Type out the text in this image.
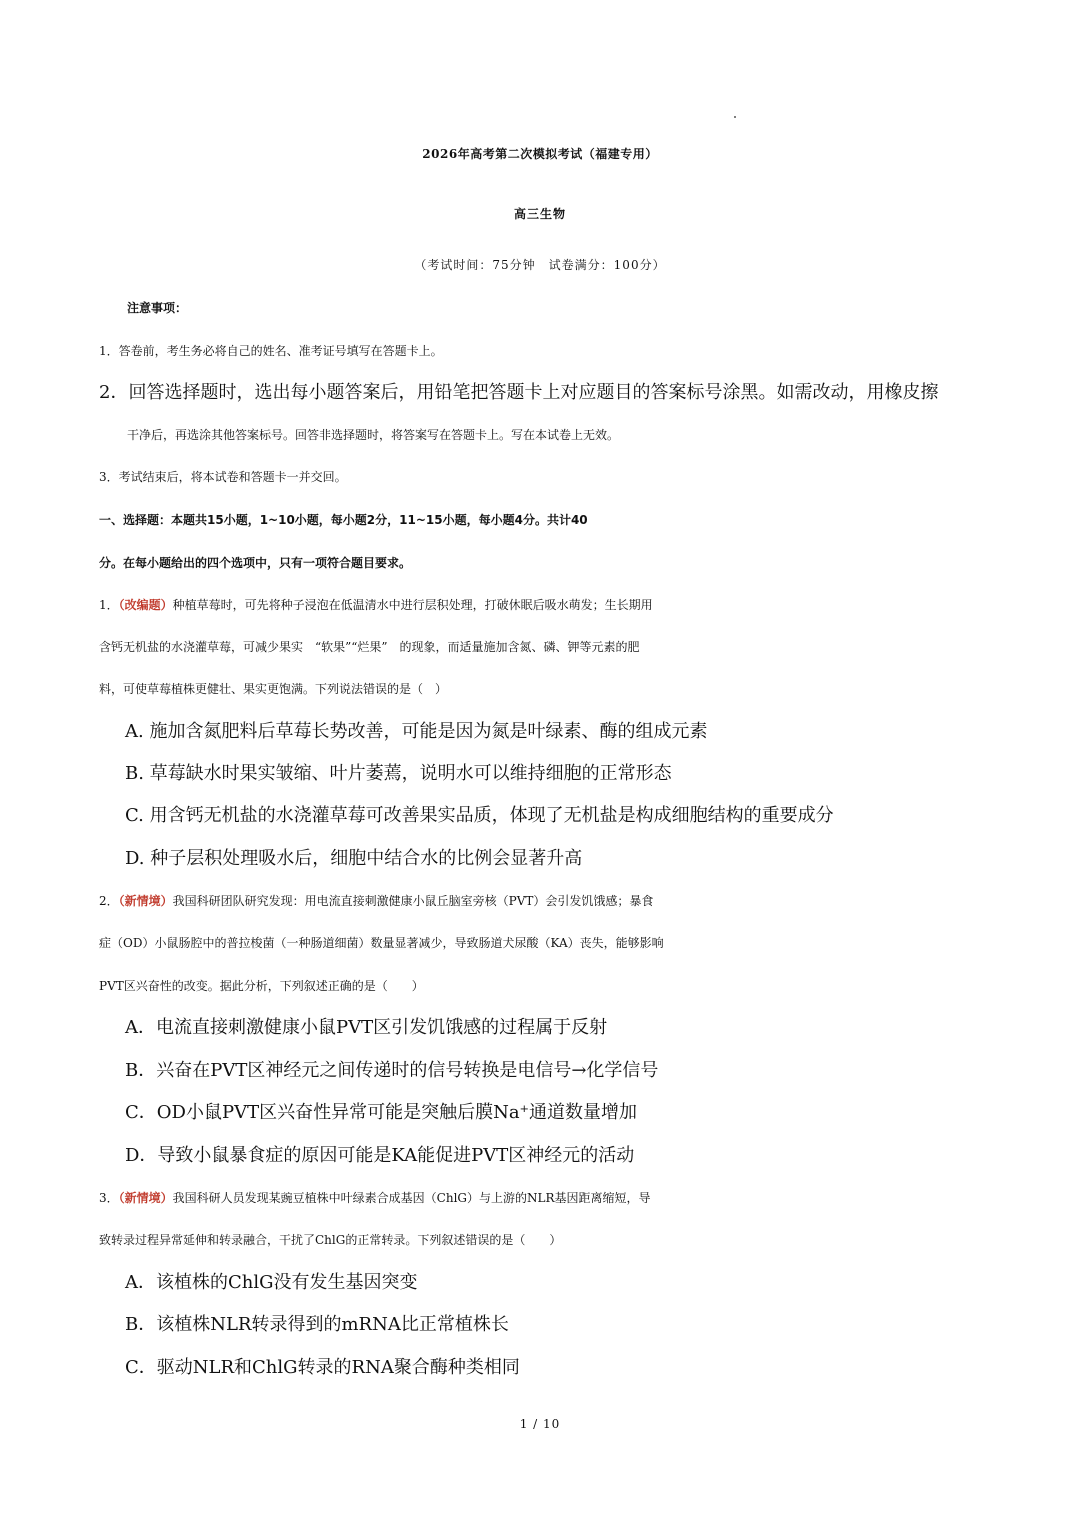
2026年高考第二次模拟考试（福建专用）
高三生物
（考试时间：75分钟　试卷满分：100分）
注意事项：
1．答卷前，考生务必将自己的姓名、准考证号填写在答题卡上。
2．回答选择题时，选出每小题答案后，用铅笔把答题卡上对应题目的答案标号涂黑。如需改动，用橡皮擦
干净后，再选涂其他答案标号。回答非选择题时，将答案写在答题卡上。写在本试卷上无效。
3．考试结束后，将本试卷和答题卡一并交回。
一、选择题：本题共15小题，1~10小题，每小题2分，11~15小题，每小题4分。共计40
分。在每小题给出的四个选项中，只有一项符合题目要求。
1．（改编题）种植草莓时，可先将种子浸泡在低温清水中进行层积处理，打破休眠后吸水萌发；生长期用
含钙无机盐的水浇灌草莓，可减少果实　“软果”“烂果”　的现象，而适量施加含氮、磷、钾等元素的肥
料，可使草莓植株更健壮、果实更饱满。下列说法错误的是（　）
A. 施加含氮肥料后草莓长势改善，可能是因为氮是叶绿素、酶的组成元素
B. 草莓缺水时果实皱缩、叶片萎蔫，说明水可以维持细胞的正常形态
C. 用含钙无机盐的水浇灌草莓可改善果实品质，体现了无机盐是构成细胞结构的重要成分
D. 种子层积处理吸水后，细胞中结合水的比例会显著升高
2．（新情境）我国科研团队研究发现：用电流直接刺激健康小鼠丘脑室旁核（PVT）会引发饥饿感；暴食
症（OD）小鼠肠腔中的普拉梭菌（一种肠道细菌）数量显著减少，导致肠道犬尿酸（KA）丧失，能够影响
PVT区兴奋性的改变。据此分析，下列叙述正确的是（　　）
A．电流直接刺激健康小鼠PVT区引发饥饿感的过程属于反射
B．兴奋在PVT区神经元之间传递时的信号转换是电信号→化学信号
C．OD小鼠PVT区兴奋性异常可能是突触后膜Na⁺通道数量增加
D．导致小鼠暴食症的原因可能是KA能促进PVT区神经元的活动
3．（新情境）我国科研人员发现某豌豆植株中叶绿素合成基因（ChlG）与上游的NLR基因距离缩短，导
致转录过程异常延伸和转录融合，干扰了ChlG的正常转录。下列叙述错误的是（　　）
A．该植株的ChlG没有发生基因突变
B．该植株NLR转录得到的mRNA比正常植株长
C．驱动NLR和ChlG转录的RNA聚合酶种类相同
1 / 10
